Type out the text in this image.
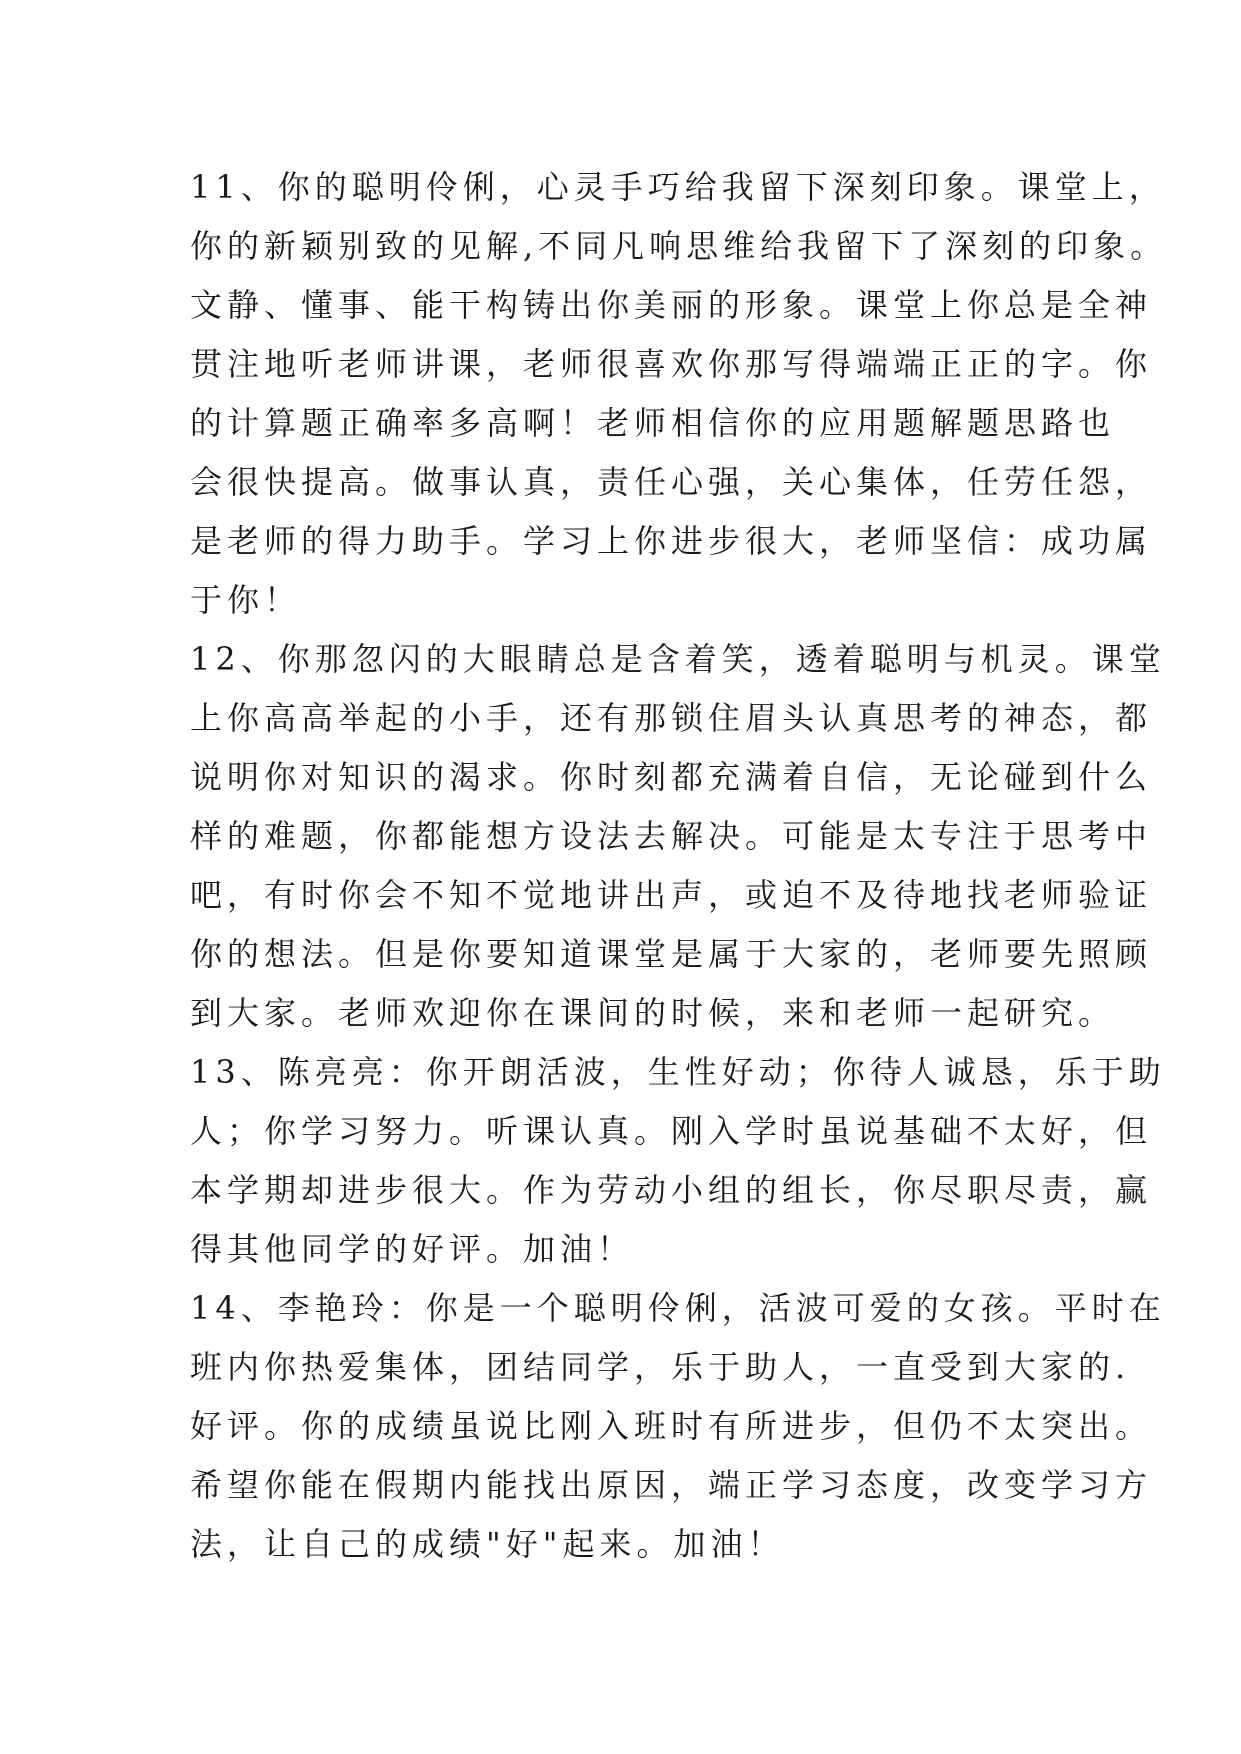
11、你的聪明伶俐，心灵手巧给我留下深刻印象。课堂上，
你的新颖别致的见解,不同凡响思维给我留下了深刻的印象。
文静、懂事、能干构铸出你美丽的形象。课堂上你总是全神
贯注地听老师讲课，老师很喜欢你那写得端端正正的字。你
的计算题正确率多高啊！老师相信你的应用题解题思路也
会很快提高。做事认真，责任心强，关心集体，任劳任怨，
是老师的得力助手。学习上你进步很大，老师坚信：成功属
于你！
12、你那忽闪的大眼睛总是含着笑，透着聪明与机灵。课堂
上你高高举起的小手，还有那锁住眉头认真思考的神态，都
说明你对知识的渴求。你时刻都充满着自信，无论碰到什么
样的难题，你都能想方设法去解决。可能是太专注于思考中
吧，有时你会不知不觉地讲出声，或迫不及待地找老师验证
你的想法。但是你要知道课堂是属于大家的，老师要先照顾
到大家。老师欢迎你在课间的时候，来和老师一起研究。
13、陈亮亮：你开朗活波，生性好动；你待人诚恳，乐于助
人；你学习努力。听课认真。刚入学时虽说基础不太好，但
本学期却进步很大。作为劳动小组的组长，你尽职尽责，赢
得其他同学的好评。加油！
14、李艳玲：你是一个聪明伶俐，活波可爱的女孩。平时在
班内你热爱集体，团结同学，乐于助人，一直受到大家的.
好评。你的成绩虽说比刚入班时有所进步，但仍不太突出。
希望你能在假期内能找出原因，端正学习态度，改变学习方
法，让自己的成绩"好"起来。加油！
